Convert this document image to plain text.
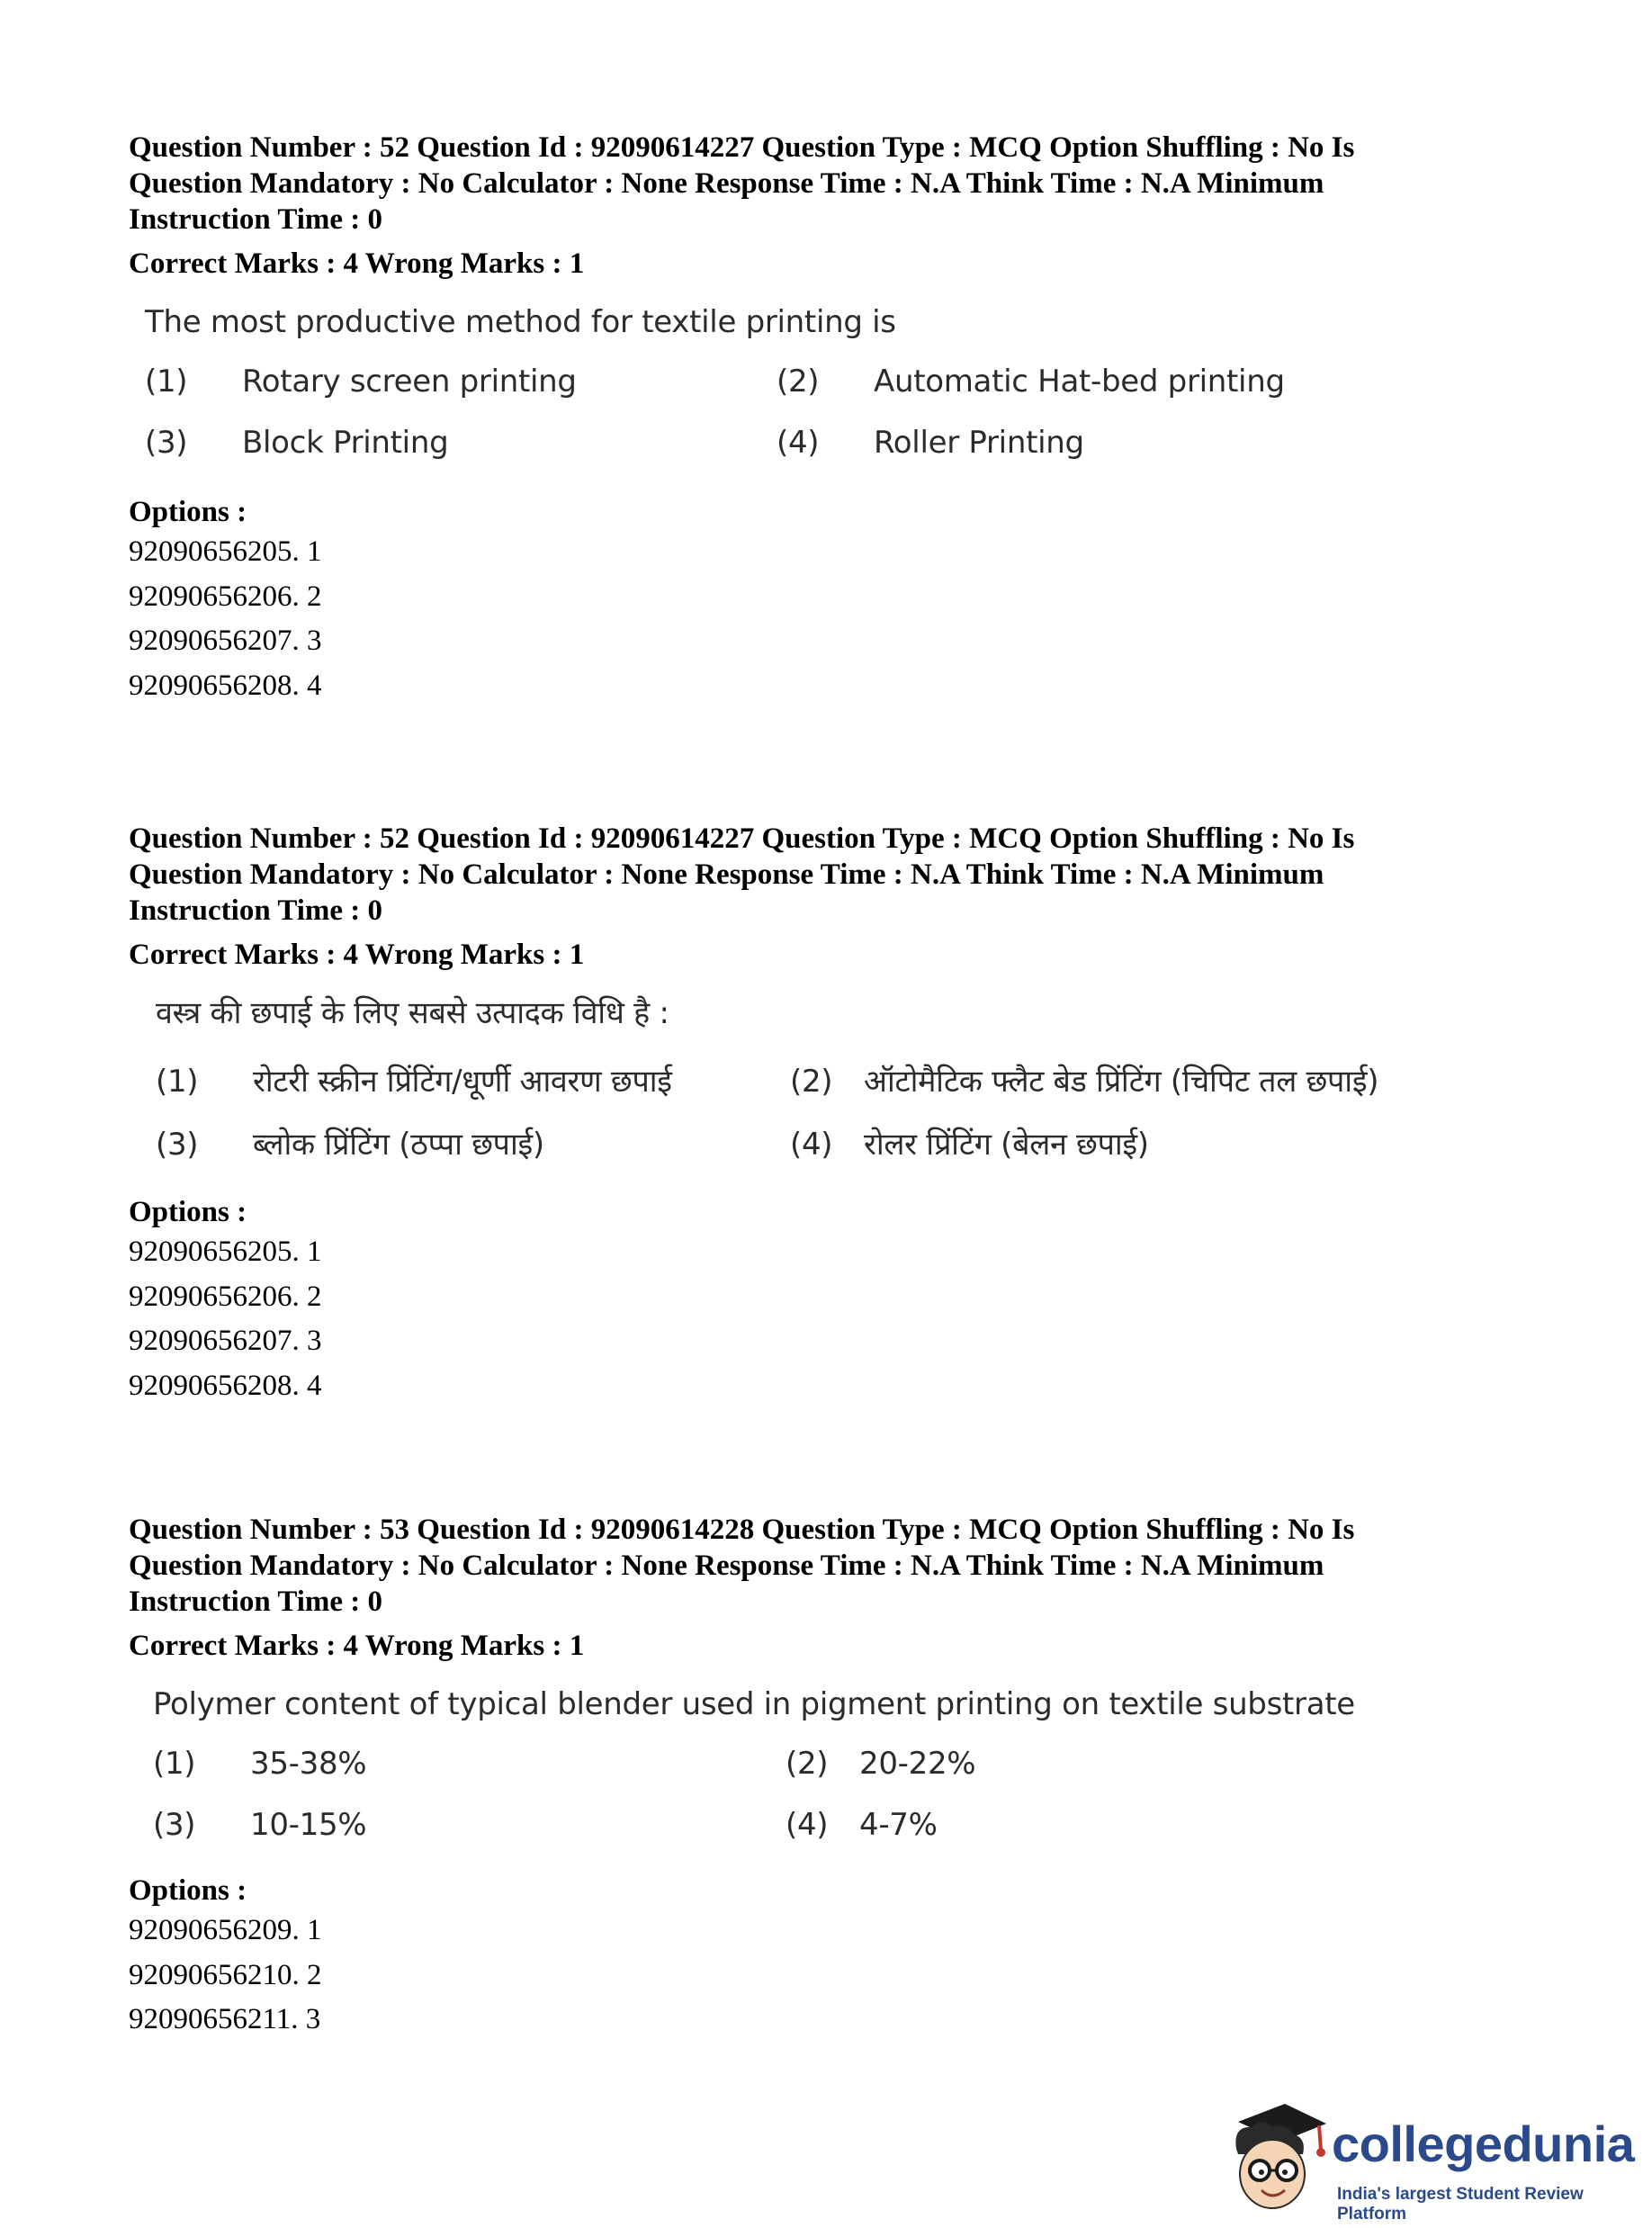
Question Number : 52 Question Id : 92090614227 Question Type : MCQ Option Shuffling : No Is
Question Mandatory : No Calculator : None Response Time : N.A Think Time : N.A Minimum
Instruction Time : 0
Correct Marks : 4 Wrong Marks : 1
The most productive method for textile printing is
(1) Rotary screen printing	(2) Automatic Hat-bed printing
(3) Block Printing	(4) Roller Printing
Options :
92090656205. 1
92090656206. 2
92090656207. 3
92090656208. 4
Question Number : 52 Question Id : 92090614227 Question Type : MCQ Option Shuffling : No Is
Question Mandatory : No Calculator : None Response Time : N.A Think Time : N.A Minimum
Instruction Time : 0
Correct Marks : 4 Wrong Marks : 1
वस्त्र की छपाई के लिए सबसे उत्पादक विधि है :
(1) रोटरी स्क्रीन प्रिंटिंग/धूर्णी आवरण छपाई	(2) ऑटोमैटिक फ्लैट बेड प्रिंटिंग (चिपिट तल छपाई)
(3) ब्लोक प्रिंटिंग (ठप्पा छपाई)	(4) रोलर प्रिंटिंग (बेलन छपाई)
Options :
92090656205. 1
92090656206. 2
92090656207. 3
92090656208. 4
Question Number : 53 Question Id : 92090614228 Question Type : MCQ Option Shuffling : No Is
Question Mandatory : No Calculator : None Response Time : N.A Think Time : N.A Minimum
Instruction Time : 0
Correct Marks : 4 Wrong Marks : 1
Polymer content of typical blender used in pigment printing on textile substrate
(1) 35-38%	(2) 20-22%
(3) 10-15%	(4) 4-7%
Options :
92090656209. 1
92090656210. 2
92090656211. 3
collegedunia
India's largest Student Review Platform
